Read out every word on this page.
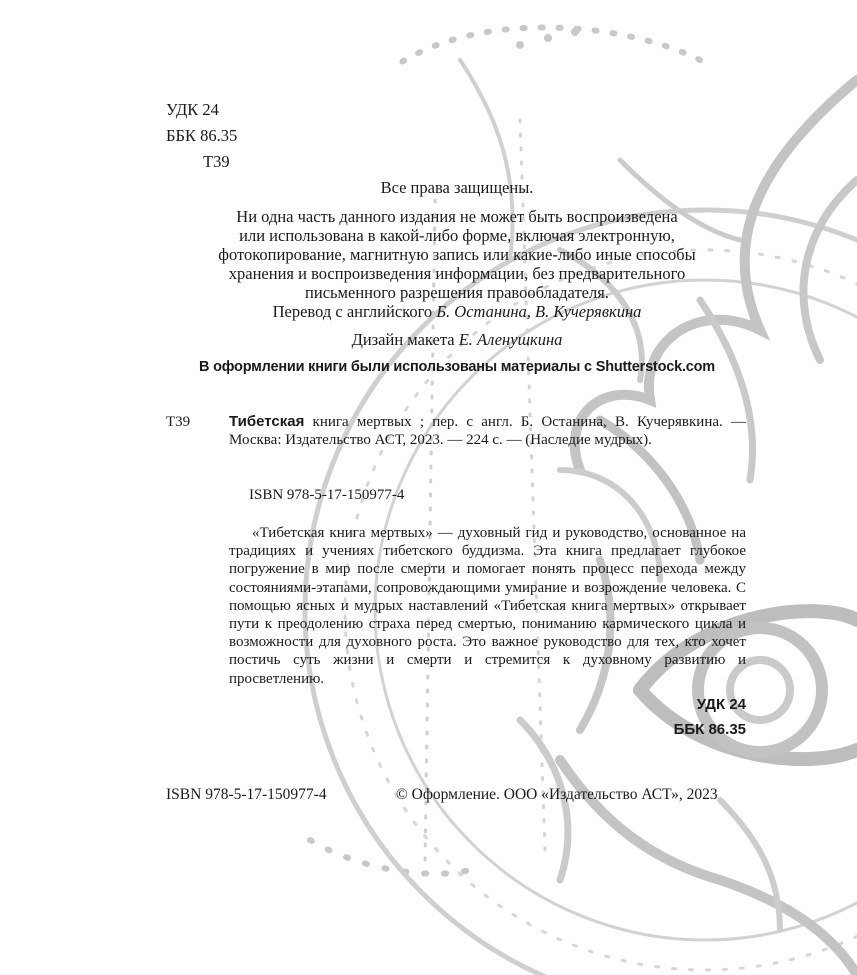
УДК 24
ББК 86.35
Т39
Все права защищены.
Ни одна часть данного издания не может быть воспроизведена
или использована в какой-либо форме, включая электронную,
фотокопирование, магнитную запись или какие-либо иные способы
хранения и воспроизведения информации, без предварительного
письменного разрешения правообладателя.
Перевод с английского Б. Останина, В. Кучерявкина
Дизайн макета Е. Аленушкина
В оформлении книги были использованы материалы с Shutterstock.com
Т39	Тибетская книга мертвых ; пер. с англ. Б. Останина, В. Кучерявкина. — Москва: Издательство АСТ, 2023. — 224 с. — (Наследие мудрых).
ISBN 978-5-17-150977-4
«Тибетская книга мертвых» — духовный гид и руководство, основанное на традициях и учениях тибетского буддизма. Эта книга предлагает глубокое погружение в мир после смерти и помогает понять процесс перехода между состояниями-этапами, сопровождающими умирание и возрождение человека. С помощью ясных и мудрых наставлений «Тибетская книга мертвых» открывает пути к преодолению страха перед смертью, пониманию кармического цикла и возможности для духовного роста. Это важное руководство для тех, кто хочет постичь суть жизни и смерти и стремится к духовному развитию и просветлению.
УДК 24
ББК 86.35
ISBN 978-5-17-150977-4	© Оформление. ООО «Издательство АСТ», 2023
